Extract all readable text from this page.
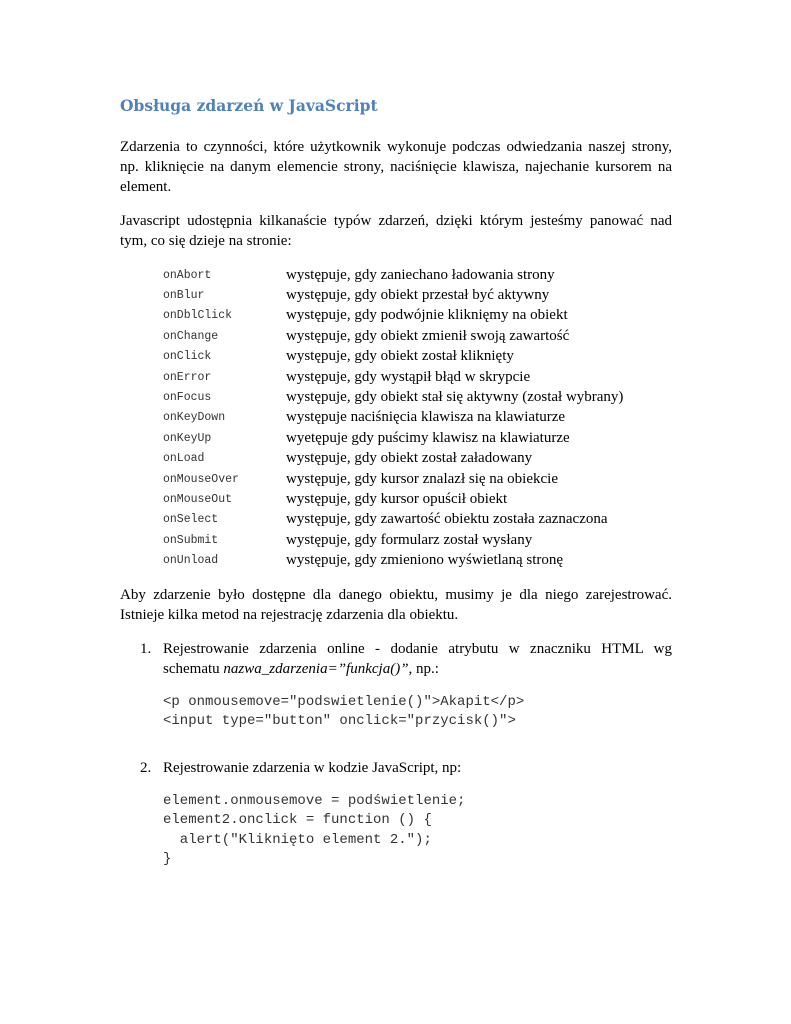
Obsługa zdarzeń w JavaScript

Zdarzenia to czynności, które użytkownik wykonuje podczas odwiedzania naszej strony, np. kliknięcie na danym elemencie strony, naciśnięcie klawisza, najechanie kursorem na element.

Javascript udostępnia kilkanaście typów zdarzeń, dzięki którym jesteśmy panować nad tym, co się dzieje na stronie:

onAbort	występuje, gdy zaniechano ładowania strony
onBlur	występuje, gdy obiekt przestał być aktywny
onDblClick	występuje, gdy podwójnie kliknięmy na obiekt
onChange	występuje, gdy obiekt zmienił swoją zawartość
onClick	występuje, gdy obiekt został kliknięty
onError	występuje, gdy wystąpił błąd w skrypcie
onFocus	występuje, gdy obiekt stał się aktywny (został wybrany)
onKeyDown	występuje naciśnięcia klawisza na klawiaturze
onKeyUp	wyetępuje gdy puścimy klawisz na klawiaturze
onLoad	występuje, gdy obiekt został załadowany
onMouseOver	występuje, gdy kursor znalazł się na obiekcie
onMouseOut	występuje, gdy kursor opuścił obiekt
onSelect	występuje, gdy zawartość obiektu została zaznaczona
onSubmit	występuje, gdy formularz został wysłany
onUnload	występuje, gdy zmieniono wyświetlaną stronę

Aby zdarzenie było dostępne dla danego obiektu, musimy je dla niego zarejestrować. Istnieje kilka metod na rejestrację zdarzenia dla obiektu.

1. Rejestrowanie zdarzenia online - dodanie atrybutu w znaczniku HTML wg schematu nazwa_zdarzenia=”funkcja()”, np.:
<p onmousemove="podswietlenie()">Akapit</p>
<input type="button" onclick="przycisk()">
2. Rejestrowanie zdarzenia w kodzie JavaScript, np:
element.onmousemove = podświetlenie;
element2.onclick = function () {
alert("Kliknięto element 2.");
}
